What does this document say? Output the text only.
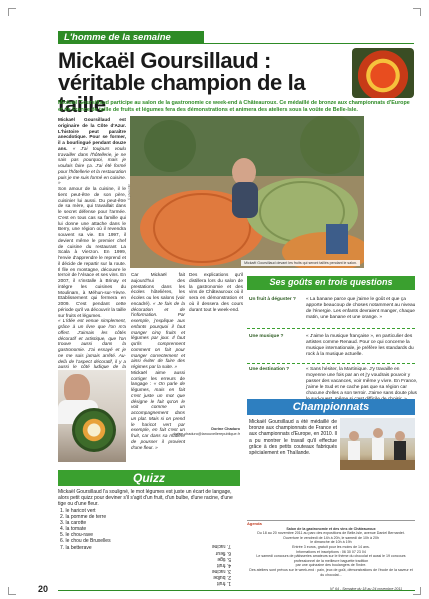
L'homme de la semaine
Mickaël Goursillaud :
véritable champion de la taille

Mickaël Goursillaud participe au salon de la gastronomie ce week-end à Châteauroux. Ce médaillé de bronze aux championnats d'Europe et de France de taille de fruits et légumes fera des démonstrations et animera des ateliers sous la voûte de Belle-Isle.

Mickaël Goursillaud est originaire de la Côte d'Azur. L'histoire peut paraître anecdotique. Pour se former, il a bourlingué pendant douze ans. « J'ai toujours voulu travailler dans l'hôtellerie, je ne sais pas pourquoi, mais je voulais faire ça. J'ai été formé pour l'hôtellerie et la restauration puis je me suis formé en cuisine. »

Son amour de la cuisine, il le tient peut-être de son père, cuisinier lui aussi. Du peut-être de sa mère, qui travaillait dans le secret défense pour l'armée. C'est en tous cas sa famille qui lui donne une attache dans le Berry, une région où il revendra souvent sa vie. En 1997, il devient même le premier chef de cuisine du restaurant La Scala à Vierzon. En 1999, l'envie d'apprendre le reprend et il décide de repartir sur la route. Il file en montagne, découvre le terroir de l'Alsace et ses vins. En 2007, il s'installe à Brinay et intègre les cuisines du Moulinam, à Méhun-sur-Yèvre. Etablissement qui fermera en 2009. C'est pendant cette période qu'il va découvrir la taille sur fruits et légumes.

« L'idée est venue simplement, grâce à un livre que l'on m'a offert. J'aimais les côtés décoratif et artistique, que l'on trouve aussi dans la gastronomie. J'ai essayé et je ne me suis jamais arrêté. Au-delà de l'aspect décoratif, il y a aussi le côté ludique de la

Mickaël Goursillaud devant les fruits qui seront taillés pendant le salon.
© photo NR

Car Mickaël fait aujourd'hui des prestations dans les écoles hôtelières, les écoles ou les salons (voir encadré). « Je fais de la décoration et de l'information. Par exemple, j'explique aux enfants pourquoi il faut manger cinq fruits et légumes par jour. Il faut qu'ils comprennent comment on fait pour manger correctement et ainsi éviter de faire des régimes par la suite. »

Mickaël aime aussi corriger les erreurs de langage : « On parle de légumes, mais en fait c'est juste un mot que désigne le fait qu'on le voit comme un accompagnement dans un plat. Mais si on prend le haricot vert par exemple, en fait c'est un fruit, car dans sa matière de pousser il provient d'une fleur. »

Des explications qu'il distillera lors du salon de la gastronomie et des vins de Châteauroux où il sera en démonstration et où il dessera des cours durant tout le week-end.

Dorine Chaduro
dorine.chaduro@lanouvellerepublique.fr
Ses goûts en trois questions
Un fruit à déguster ? « La banane parce que j'aime le goût et que ça apporte beaucoup de choses notamment au niveau de l'énergie. Les enfants devraient manger, chaque matin, une banane et une orange. »
Une musique ?	« J'aime la musique française », en particulier des artistes comme Renaud. Pour ce qui concerne la musique internationale, je préfère les standards du rock à la musique actuelle.
Une destination ?	« Sans hésiter, la Martinique. J'y travaille en moyenne une fois par an et j'y voudrais pouvoir y passer des vacances, voir même y vivre. En France, j'aime le Sud et ne cache pas que sa région car chacune d'elles a son terroir. J'aime sans doute plus
Championnats

Mickaël Goursillaud a été médaillé de bronze aux championnats de France et aux championnats d'Europe, en 2010. Il a pu montrer le travail qu'il effectue grâce à des petits couteaux fabriqués spécialement en Thaïlande.

Quizz

Mickaël Goursillaud l'a souligné, le mot légumes est juste un écart de langage, alors petit quizz pour deviner s'il s'agit d'un fruit, d'un bulbe, d'une racine, d'une tige ou d'une fleur.

1. le haricot vert
2. la pomme de terre
3. la carotte
4. la tomate
5. le chou-rave
6. le chou de Bruxelles
7. la betterave
1. fruit
2. bulbe
3. racine
4. fruit
5. tige
6. fleur
7. racine
Agenda
Salon de la gastronomie et des vins de Châteauroux
Du 18 au 20 novembre 2011 au parc des expositions de Belle-Isle, avenue Daniel Bernardet.
Ouverture le vendredi de 14h à 20h, le samedi de 10h à 20h
le dimanche de 10h à 19h
Entrée 3 euros, gratuit pour les moins de 14 ans.
Informations et inscriptions : 06 30 07 23 04
Le samedi concours de pâtisseries amateurs sur le thème du chocolat et aussi le 19 concours professionnel de la meilleure baguette tradition
par une quinzaine des boulangers de l'Indre.
Des ateliers sont prévus sur le week-end : pain, jeux de goût, démonstrations de l'école de la saveur et du chocolat...
20	N° 64 - Semaine du 18 au 24 novembre 2011
